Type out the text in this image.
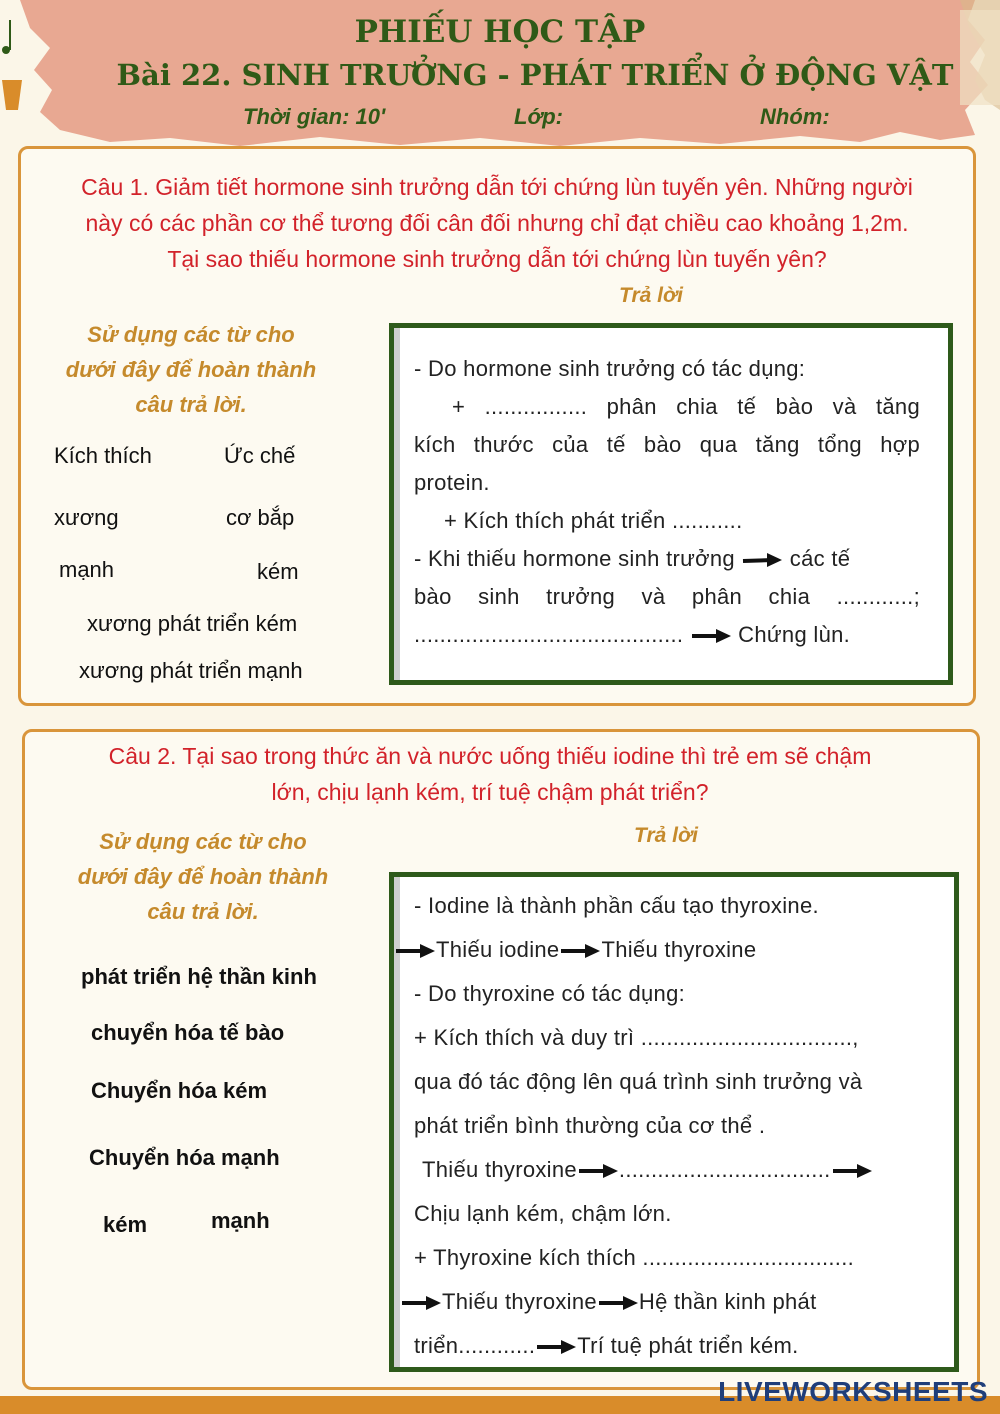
PHIẾU HỌC TẬP
Bài 22. SINH TRƯỞNG - PHÁT TRIỂN Ở ĐỘNG VẬT
Thời gian: 10'	Lớp:	Nhóm:
Câu 1. Giảm tiết hormone sinh trưởng dẫn tới chứng lùn tuyến yên. Những người
này có các phần cơ thể tương đối cân đối nhưng chỉ đạt chiều cao khoảng 1,2m.
Tại sao thiếu hormone sinh trưởng dẫn tới chứng lùn tuyến yên?
Trả lời
Sử dụng các từ cho
dưới đây để hoàn thành
câu trả lời.
Kích thích	Ức chế
xương	cơ bắp
mạnh	kém
xương phát triển kém
xương phát triển mạnh
- Do hormone sinh trưởng có tác dụng:
+ ................ phân chia tế bào và tăng
kích thước của tế bào qua tăng tổng hợp
protein.
+ Kích thích phát triển ...........
- Khi thiếu hormone sinh trưởng các tế
bào sinh trưởng và phân chia ............;
.......................................... Chứng lùn.
Câu 2. Tại sao trong thức ăn và nước uống thiếu iodine thì trẻ em sẽ chậm
lớn, chịu lạnh kém, trí tuệ chậm phát triển?
Trả lời
Sử dụng các từ cho
dưới đây để hoàn thành
câu trả lời.
phát triển hệ thần kinh
chuyển hóa tế bào
Chuyển hóa kém
Chuyển hóa mạnh
kém	mạnh
- Iodine là thành phần cấu tạo thyroxine.
Thiếu iodine Thiếu thyroxine
- Do thyroxine có tác dụng:
+ Kích thích và duy trì .................................,
qua đó tác động lên quá trình sinh trưởng và
phát triển bình thường của cơ thể .
Thiếu thyroxine .................................
Chịu lạnh kém, chậm lớn.
+ Thyroxine kích thích .................................
Thiếu thyroxine Hệ thần kinh phát
triển............ Trí tuệ phát triển kém.
LIVEWORKSHEETS
